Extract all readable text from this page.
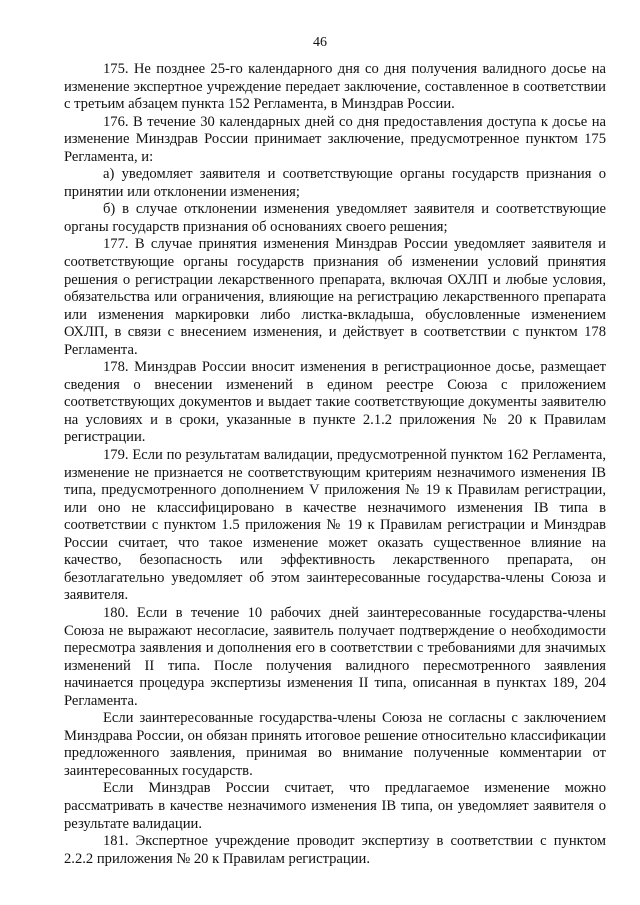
46

175. Не позднее 25-го календарного дня со дня получения валидного досье на изменение экспертное учреждение передает заключение, составленное в соответствии с третьим абзацем пункта 152 Регламента, в Минздрав России.

176. В течение 30 календарных дней со дня предоставления доступа к досье на изменение Минздрав России принимает заключение, предусмотренное пунктом 175 Регламента, и:

а) уведомляет заявителя и соответствующие органы государств признания о принятии или отклонении изменения;

б) в случае отклонении изменения уведомляет заявителя и соответствующие органы государств признания об основаниях своего решения;

177. В случае принятия изменения Минздрав России уведомляет заявителя и соответствующие органы государств признания об изменении условий принятия решения о регистрации лекарственного препарата, включая ОХЛП и любые условия, обязательства или ограничения, влияющие на регистрацию лекарственного препарата или изменения маркировки либо листка-вкладыша, обусловленные изменением ОХЛП, в связи с внесением изменения, и действует в соответствии с пунктом 178 Регламента.

178. Минздрав России вносит изменения в регистрационное досье, размещает сведения о внесении изменений в едином реестре Союза с приложением соответствующих документов и выдает такие соответствующие документы заявителю на условиях и в сроки, указанные в пункте 2.1.2 приложения № 20 к Правилам регистрации.

179. Если по результатам валидации, предусмотренной пунктом 162 Регламента, изменение не признается не соответствующим критериям незначимого изменения IB типа, предусмотренного дополнением V приложения № 19 к Правилам регистрации, или оно не классифицировано в качестве незначимого изменения IB типа в соответствии с пунктом 1.5 приложения № 19 к Правилам регистрации и Минздрав России считает, что такое изменение может оказать существенное влияние на качество, безопасность или эффективность лекарственного препарата, он безотлагательно уведомляет об этом заинтересованные государства-члены Союза и заявителя.

180. Если в течение 10 рабочих дней заинтересованные государства-члены Союза не выражают несогласие, заявитель получает подтверждение о необходимости пересмотра заявления и дополнения его в соответствии с требованиями для значимых изменений II типа. После получения валидного пересмотренного заявления начинается процедура экспертизы изменения II типа, описанная в пунктах 189, 204 Регламента.

Если заинтересованные государства-члены Союза не согласны с заключением Минздрава России, он обязан принять итоговое решение относительно классификации предложенного заявления, принимая во внимание полученные комментарии от заинтересованных государств.

Если Минздрав России считает, что предлагаемое изменение можно рассматривать в качестве незначимого изменения IB типа, он уведомляет заявителя о результате валидации.

181. Экспертное учреждение проводит экспертизу в соответствии с пунктом 2.2.2 приложения № 20 к Правилам регистрации.
